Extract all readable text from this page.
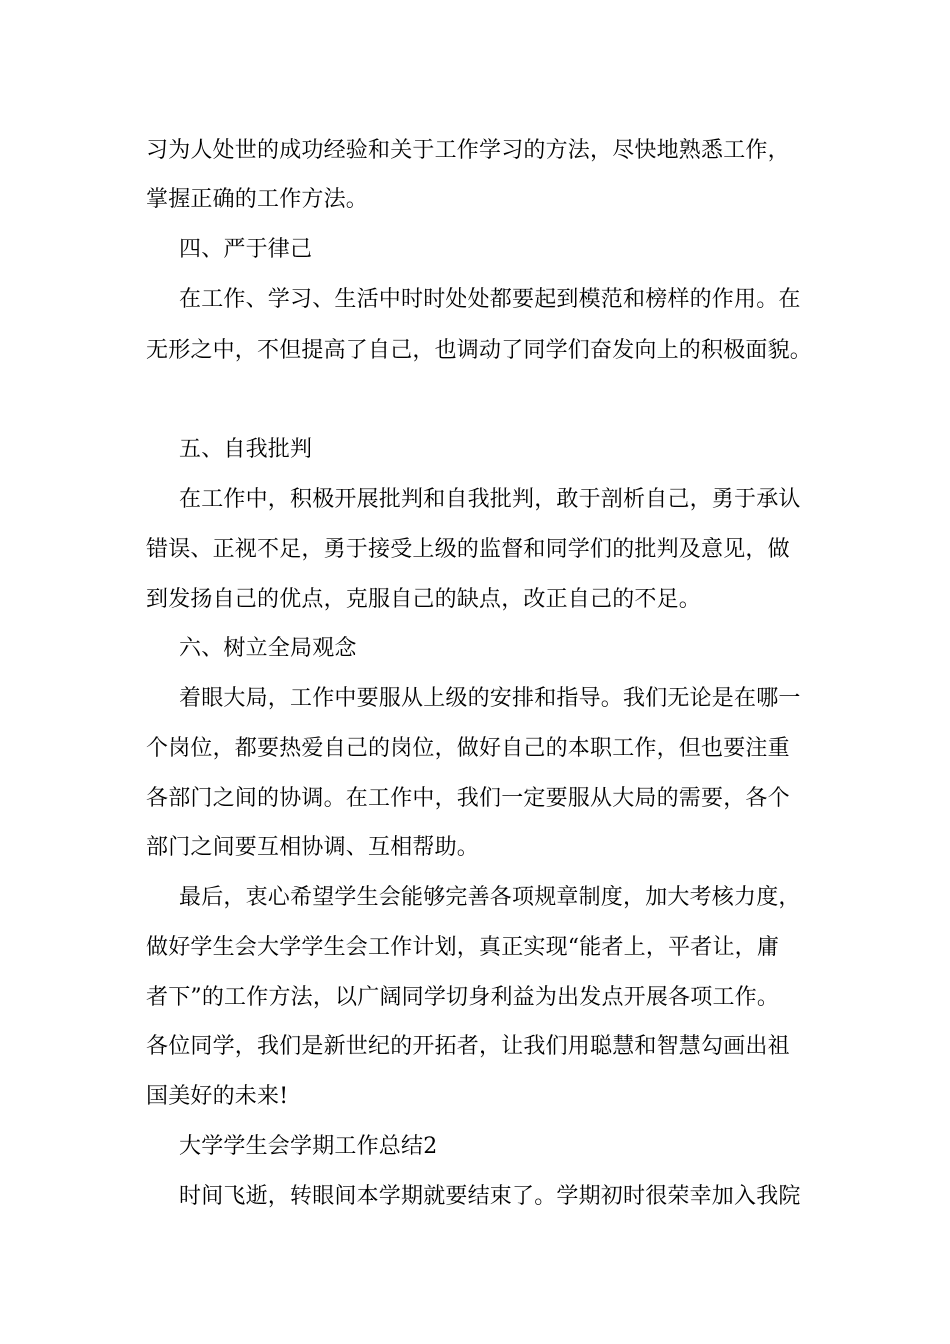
习为人处世的成功经验和关于工作学习的方法，尽快地熟悉工作，
掌握正确的工作方法。
四、严于律己
在工作、学习、生活中时时处处都要起到模范和榜样的作用。在
无形之中，不但提高了自己，也调动了同学们奋发向上的积极面貌。
五、自我批判
在工作中，积极开展批判和自我批判，敢于剖析自己，勇于承认
错误、正视不足，勇于接受上级的监督和同学们的批判及意见，做
到发扬自己的优点，克服自己的缺点，改正自己的不足。
六、树立全局观念
着眼大局，工作中要服从上级的安排和指导。我们无论是在哪一
个岗位，都要热爱自己的岗位，做好自己的本职工作，但也要注重
各部门之间的协调。在工作中，我们一定要服从大局的需要，各个
部门之间要互相协调、互相帮助。
最后，衷心希望学生会能够完善各项规章制度，加大考核力度，
做好学生会大学学生会工作计划，真正实现“能者上，平者让，庸
者下”的工作方法，以广阔同学切身利益为出发点开展各项工作。
各位同学，我们是新世纪的开拓者，让我们用聪慧和智慧勾画出祖
国美好的未来!
大学学生会学期工作总结2
时间飞逝，转眼间本学期就要结束了。学期初时很荣幸加入我院
